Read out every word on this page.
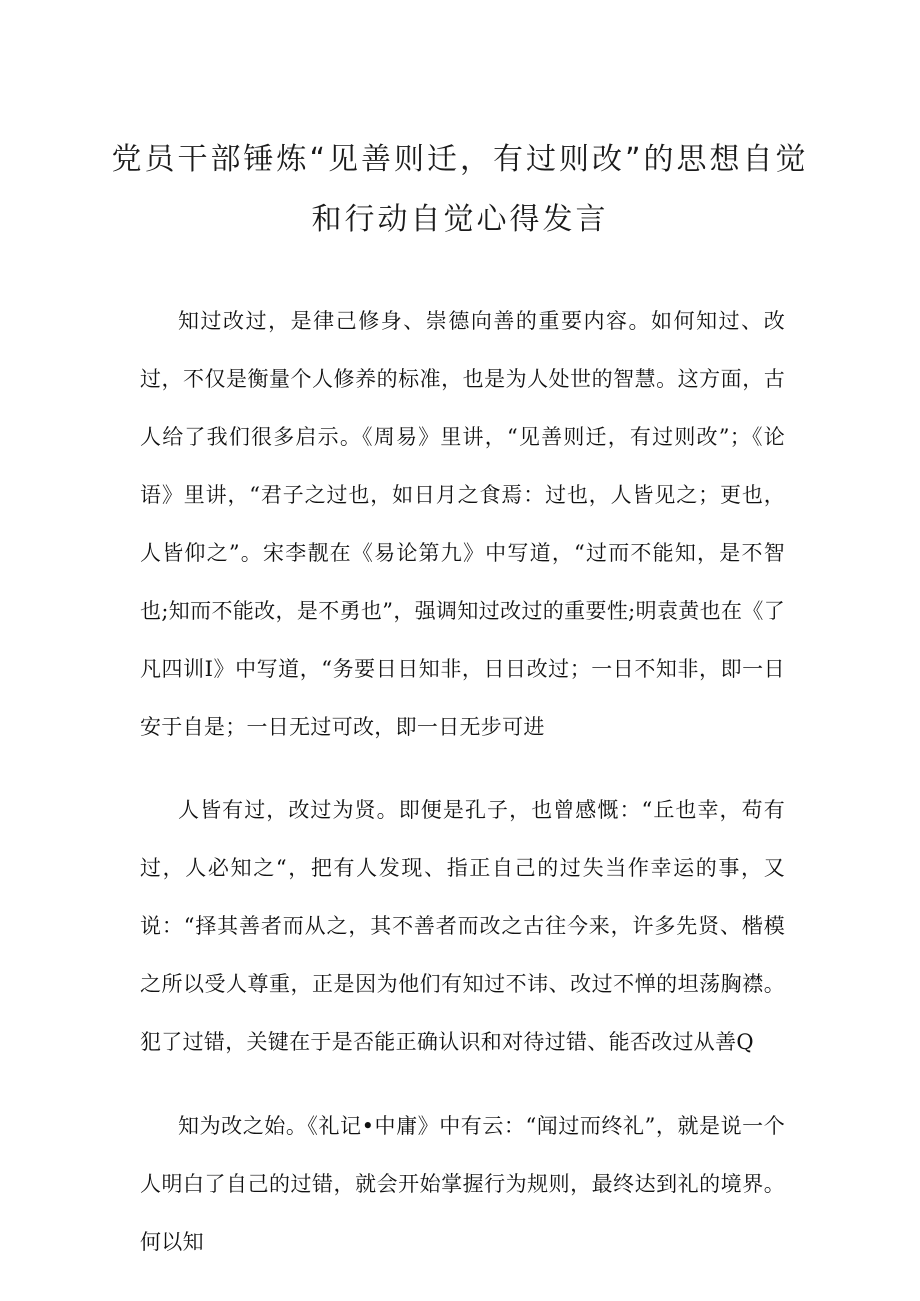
党员干部锤炼“见善则迁，有过则改”的思想自觉
和行动自觉心得发言

知过改过，是律己修身、崇德向善的重要内容。如何知过、改过，不仅是衡量个人修养的标准，也是为人处世的智慧。这方面，古人给了我们很多启示。《周易》里讲，“见善则迁，有过则改”；《论语》里讲，“君子之过也，如日月之食焉：过也，人皆见之；更也，人皆仰之”。宋李靓在《易论第九》中写道，“过而不能知，是不智也;知而不能改，是不勇也”，强调知过改过的重要性;明袁黄也在《了凡四训I》中写道，“务要日日知非，日日改过；一日不知非，即一日安于自是；一日无过可改，即一日无步可进

人皆有过，改过为贤。即便是孔子，也曾感慨：“丘也幸，苟有过，人必知之“，把有人发现、指正自己的过失当作幸运的事，又说：“择其善者而从之，其不善者而改之古往今来，许多先贤、楷模之所以受人尊重，正是因为他们有知过不讳、改过不惮的坦荡胸襟。犯了过错，关键在于是否能正确认识和对待过错、能否改过从善Q

知为改之始。《礼记•中庸》中有云：“闻过而终礼”，就是说一个人明白了自己的过错，就会开始掌握行为规则，最终达到礼的境界。何以知
